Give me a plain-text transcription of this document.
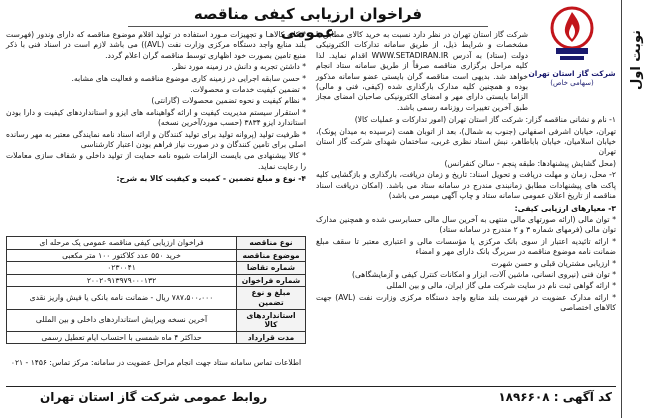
نوبت اول
شرکت گاز استان تهران
(سهامی خاص)
فراخوان ارزیابی کیفی مناقصه عمومی

شرکت گاز استان تهران در نظر دارد نسبت به خرید کالای مطابق با مشخصات و شرایط ذیل، از طریق سامانه تدارکات الکترونیکی دولت (ستاد) به آدرس WWW.SETADIRAN.IR اقدام نماید. لذا کلیه مراحل برگزاری مناقصه صرفاً از طریق سامانه ستاد انجام خواهد شد. بدیهی است مناقصه گران بایستی عضو سامانه مذکور بوده و همچنین کلیه مدارک بارگذاری شده (کیفی، فنی و مالی) الزاما بایستی دارای مهر و امضای الکترونیکی صاحبان امضای مجاز طبق آخرین تغییرات روزنامه رسمی باشد.

۱- نام و نشانی مناقصه گزار: شرکت گاز استان تهران (امور تدارکات و عملیات کالا)

تهران، خیابان اشرفی اصفهانی (جنوب به شمال)، بعد از اتوبان همت (نرسیده به میدان پونک)، خیابان اسلامیان، خیابان باباطاهر، نبش استاد نظری غربی، ساختمان شهدای شرکت گاز استان تهران

(محل گشایش پیشنهادها: طبقه پنجم - سالن کنفرانس)

۲- محل، زمان و مهلت دریافت و تحویل اسناد: تاریخ و زمان دریافت، بارگذاری و بازگشایی کلیه پاکت های پیشنهادات مطابق زمانبندی مندرج در سامانه ستاد می باشد. (امکان دریافت اسناد مناقصه از تاریخ اعلان عمومی سامانه ستاد و چاپ آگهی میسر می باشد)

۳- معیارهای ارزیابی کیفی:

* توان مالی (ارائه صورتهای مالی منتهی به آخرین سال مالی حسابرسی شده و همچنین مدارک توان مالی (فرمهای شماره ۳ و ۲ مندرج در سامانه ستاد)

* ارائه تائیدیه اعتبار از سوی بانک مرکزی یا مؤسسات مالی و اعتباری معتبر تا سقف مبلغ ضمانت نامه موضوع مناقصه در سربرگ بانک دارای مهر و امضاء

* ارزیابی مشتریان قبلی و حسن شهرت

* توان فنی (نیروی انسانی، ماشین آلات، ابزار و امکانات کنترل کیفی و آزمایشگاهی)

* ارائه گواهی ثبت نام در سایت شرکت ملی گاز ایران، مالی و بین المللی

* ارائه مدارک عضویت در فهرست بلند منابع واجد دستگاه مرکزی وزارت نفت (AVL) جهت کالاهای اختصاصی

* کلیه کالاهـا و تجهیزات مـورد استفاده در تولید اقلام موضوع مناقصه که دارای وندور (فهرست بلند منابع واجد دستگاه مرکزی وزارت نفت (AVL)) می باشد لازم است در اسناد فنی با ذکر منبع تامین بصورت خود اظهاری توسط مناقصه گران اعلام گردد.

* داشتن تجربه و دانش در زمینه مورد نظر.

* حسن سابقه اجرایی در زمینه کاری موضوع مناقصه و فعالیت های مشابه.

* تضمین کیفیت خدمات و محصولات.

* نظام کیفیت و نحوه تضمین محصولات (گارانتی)

* استقرار سیستم مدیریت کیفیت و ارائه گواهینامه های ایزو و استانداردهای کیفیت و دارا بودن استاندارد ایزو ۳۸۳۴ (حسب مورد/آخرین نسخه)

* ظرفیت تولید (پروانه تولید برای تولید کنندگان و ارائه اسناد نامه نمایندگی معتبر به مهر رسانده اصلی برای تامین کنندگان و در صورت نیاز فراهم بودن اعتبار کارشناسی

* کالا بیشنهادی می بایست الزامات شیوه نامه حمایت از تولید داخلی و شفاف سازی معاملات را رعایت نماید.

۴- نوع و مبلغ تضمین - کمیت و کیفیت کالا به شرح:

نوع مناقصه	فراخوان ارزیابی کیفی مناقصه عمومی یک مرحله ای
موضوع مناقصه	خرید ۵۵۰ عدد کلاکتور ۱۰۰ متر مکعبی
شماره تقاضا	۰۲۳۰۰۴۱
شماره فراخوان	۲۰۰۲۰۹۱۳۹۷۹۰۰۰۱۳۲
مبلغ و نوع تضمین	۷۸۷،۵۰۰،۰۰۰ ریال - ضمانت نامه بانکی یا فیش واریز نقدی
استانداردهای کالا	آخرین نسخه ویرایش استانداردهای داخلی و بین المللی
مدت قرارداد	حداکثر ۴ ماه شمسی با احتساب ایام تعطیل رسمی
اطلاعات تماس سامانه ستاد جهت انجام مراحل عضویت در سامانه: مرکز تماس: ۱۴۵۶ - ۰۲۱
کد آگهی : ۱۸۹۶۶۰۸
روابط عمومی شرکت گاز استان تهران
